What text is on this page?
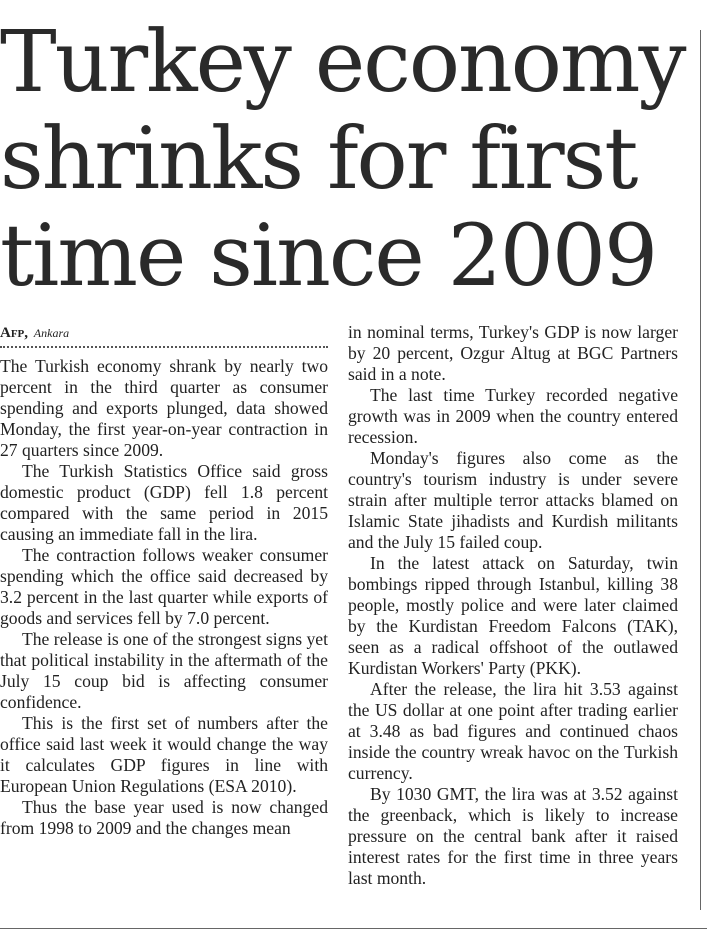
Turkey economy
shrinks for first
time since 2009
Afp, Ankara

The Turkish economy shrank by nearly two percent in the third quarter as consumer spending and exports plunged, data showed Monday, the first year-on-year contraction in 27 quarters since 2009.

The Turkish Statistics Office said gross domestic product (GDP) fell 1.8 percent compared with the same period in 2015 causing an immediate fall in the lira.

The contraction follows weaker consumer spending which the office said decreased by 3.2 percent in the last quarter while exports of goods and services fell by 7.0 percent.

The release is one of the strongest signs yet that political instability in the aftermath of the July 15 coup bid is affecting consumer confidence.

This is the first set of numbers after the office said last week it would change the way it calculates GDP figures in line with European Union Regulations (ESA 2010).

Thus the base year used is now changed from 1998 to 2009 and the changes mean

in nominal terms, Turkey's GDP is now larger by 20 percent, Ozgur Altug at BGC Partners said in a note.

The last time Turkey recorded negative growth was in 2009 when the country entered recession.

Monday's figures also come as the country's tourism industry is under severe strain after multiple terror attacks blamed on Islamic State jihadists and Kurdish militants and the July 15 failed coup.

In the latest attack on Saturday, twin bombings ripped through Istanbul, killing 38 people, mostly police and were later claimed by the Kurdistan Freedom Falcons (TAK), seen as a radical offshoot of the outlawed Kurdistan Workers' Party (PKK).

After the release, the lira hit 3.53 against the US dollar at one point after trading earlier at 3.48 as bad figures and continued chaos inside the country wreak havoc on the Turkish currency.

By 1030 GMT, the lira was at 3.52 against the greenback, which is likely to increase pressure on the central bank after it raised interest rates for the first time in three years last month.
